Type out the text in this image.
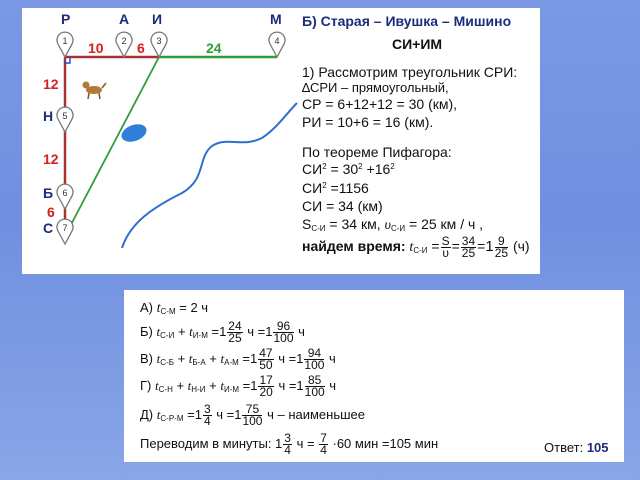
1	2	3	4
5
6
7
Р	А И	М
Н
Б
С
10 6	24
12
12
6
Б) Старая – Ивушка – Мишино
СИ+ИМ
1) Рассмотрим треугольник СРИ:
∆СРИ – прямоугольный,
СР = 6+12+12 = 30 (км),
РИ = 10+6 = 16 (км).
По теореме Пифагора:
$СИ^2 = 30^2 +16^2$
$СИ^2 =1156$
СИ = 34 (км)
$S_{С-И} = 34$ км, $\upsilon_{С-И} = 25$ км / ч ,
найдем время: $t_{С-И} = \frac{S}{\upsilon} = \frac{34}{25} =1 \frac{9}{25} (ч)$
А) $t_{С-М} = 2$ ч
Б) $t_{С-И} + t_{И-М} =1 \frac{24}{25}$ $ч =1 \frac{96}{100}$ ч
В) $t_{С-Б} + t_{Б-А} + t_{А-М} =1 \frac{47}{50}$ $ч =1 \frac{94}{100}$ ч
Г) $t_{С-Н} + t_{Н-И} + t_{И-М} =1 \frac{17}{20}$ $ч =1 \frac{85}{100}$ ч
Д) $t_{С-Р-М} =1 \frac{3}{4}$ $ч =1 \frac{75}{100}$ ч – наименьшее
Переводим в минуты: $1 \frac{3}{4}$ $ч = \frac{7}{4} \cdot 60$ мин =105 мин	Ответ: 105
